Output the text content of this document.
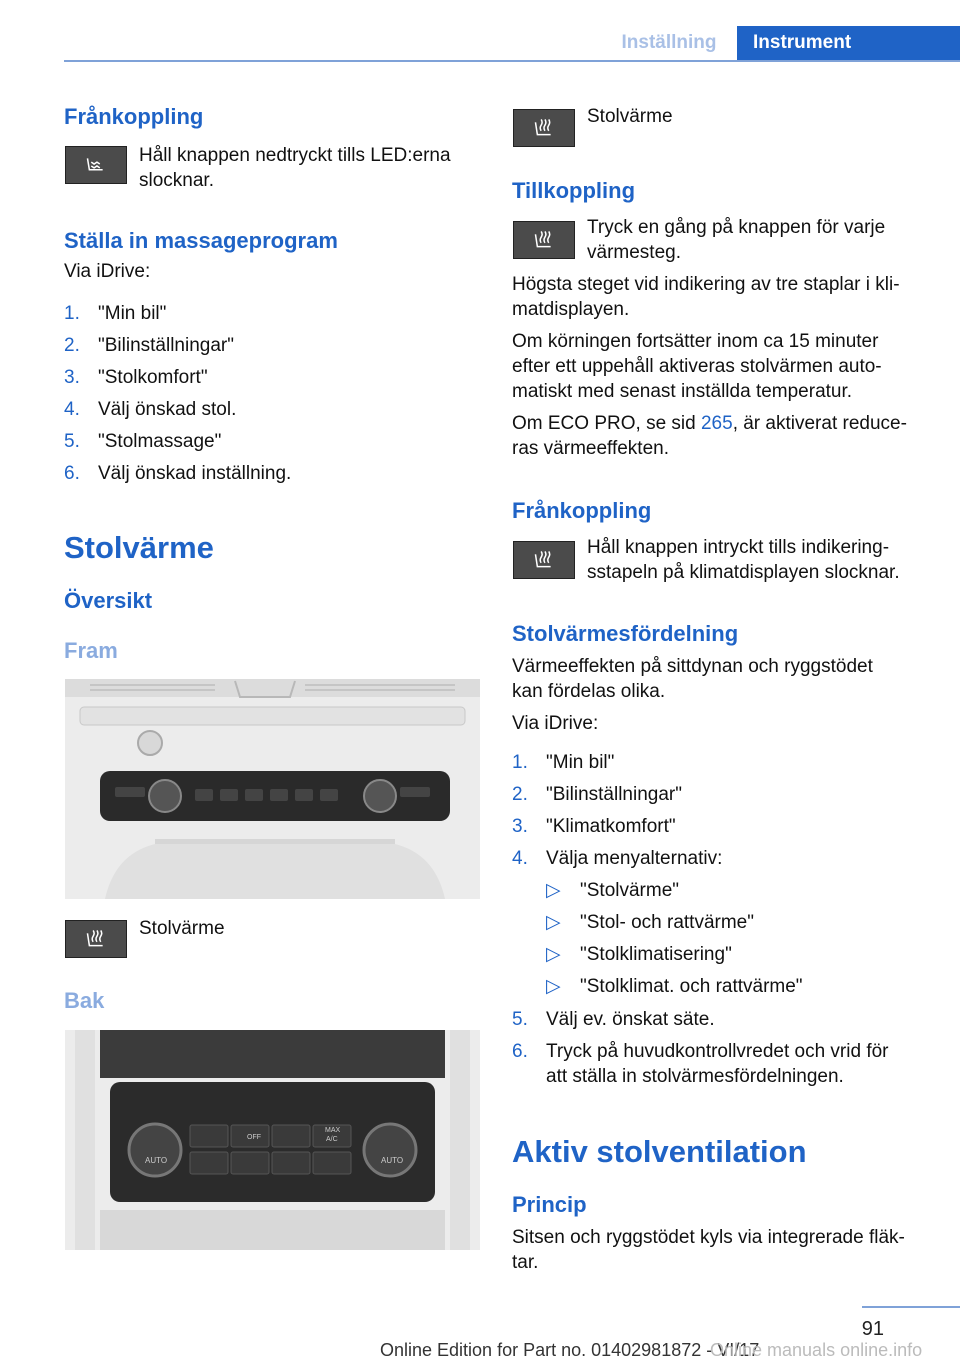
Inställning	Instrument
Frånkoppling
Håll knappen nedtryckt tills LED:erna slocknar.
Ställa in massageprogram
Via iDrive:
1. "Min bil"
2. "Bilinställningar"
3. "Stolkomfort"
4. Välj önskad stol.
5. "Stolmassage"
6. Välj önskad inställning.
Stolvärme
Översikt
Fram
Stolvärme
Bak
AUTO
OFF
MAX
A/C
AUTO
Stolvärme
Tillkoppling
Tryck en gång på knappen för varje
värmesteg.
Högsta steget vid indikering av tre staplar i kli-
matdisplayen.
Om körningen fortsätter inom ca 15 minuter
efter ett uppehåll aktiveras stolvärmen auto-
matiskt med senast inställda temperatur.
Om ECO PRO, se sid 265, är aktiverat reduce-
ras värmeeffekten.
Frånkoppling
Håll knappen intryckt tills indikering-
sstapeln på klimatdisplayen slocknar.
Stolvärmesfördelning
Värmeeffekten på sittdynan och ryggstödet
kan fördelas olika.
Via iDrive:
1. "Min bil"
2. "Bilinställningar"
3. "Klimatkomfort"
4. Välja menyalternativ:
▷ "Stolvärme"
▷ "Stol- och rattvärme"
▷ "Stolklimatisering"
▷ "Stolklimat. och rattvärme"
5. Välj ev. önskat säte.
6. Tryck på huvudkontrollvredet och vrid för
att ställa in stolvärmesfördelningen.
Aktiv stolventilation
Princip
Sitsen och ryggstödet kyls via integrerade fläk-
tar.
91
Online Edition for Part no. 01402981872 - VI/17
Online manuals online.info
